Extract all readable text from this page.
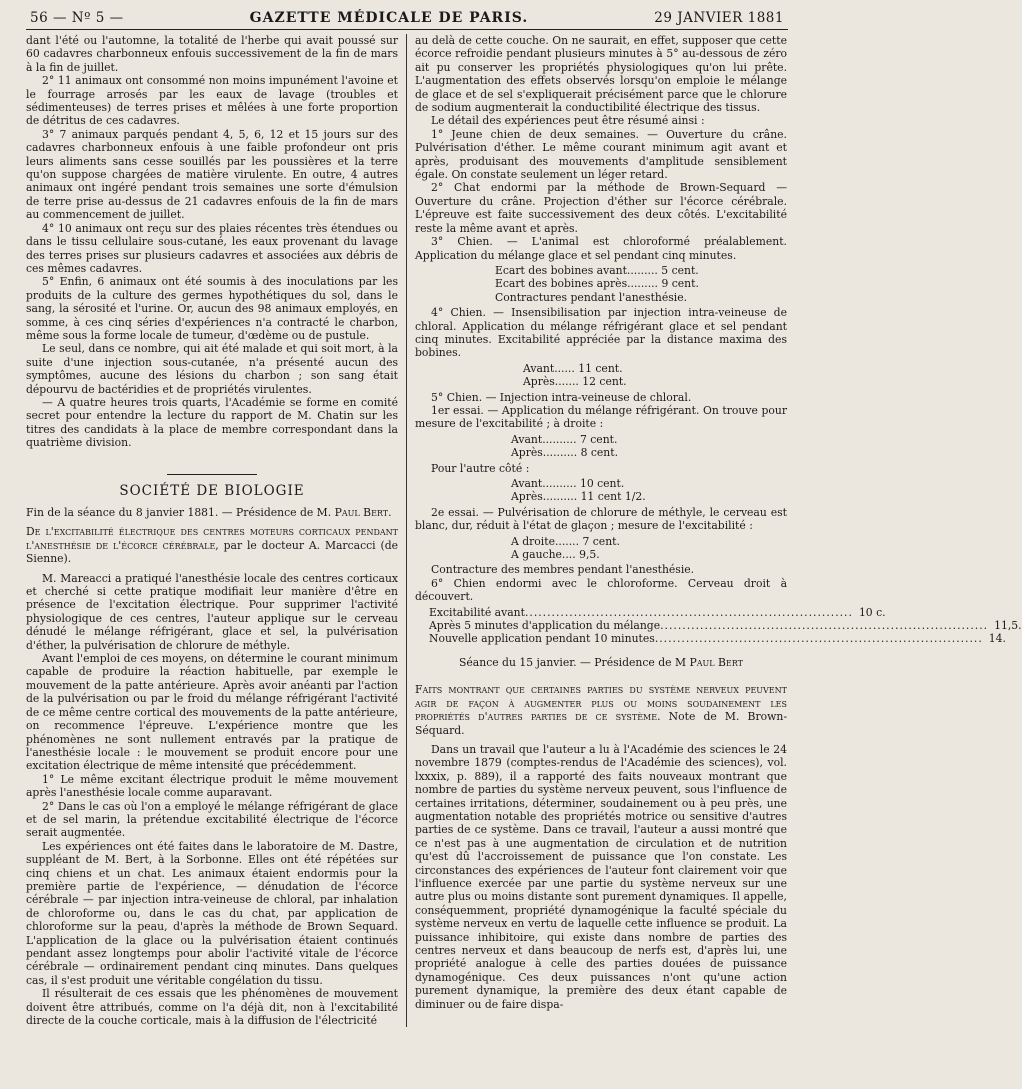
56 — Nº 5 —	GAZETTE MÉDICALE DE PARIS.	29 JANVIER 1881

dant l'été ou l'automne, la totalité de l'herbe qui avait poussé sur 60 cadavres charbonneux enfouis successivement de la fin de mars à la fin de juillet.

2° 11 animaux ont consommé non moins impunément l'avoine et le fourrage arrosés par les eaux de lavage (troubles et sédimenteuses) de terres prises et mêlées à une forte proportion de détritus de ces cadavres.

3° 7 animaux parqués pendant 4, 5, 6, 12 et 15 jours sur des cadavres charbonneux enfouis à une faible profondeur ont pris leurs aliments sans cesse souillés par les poussières et la terre qu'on suppose chargées de matière virulente. En outre, 4 autres animaux ont ingéré pendant trois semaines une sorte d'émulsion de terre prise au-dessus de 21 cadavres enfouis de la fin de mars au commencement de juillet.

4° 10 animaux ont reçu sur des plaies récentes très étendues ou dans le tissu cellulaire sous-cutané, les eaux provenant du lavage des terres prises sur plusieurs cadavres et associées aux débris de ces mêmes cadavres.

5° Enfin, 6 animaux ont été soumis à des inoculations par les produits de la culture des germes hypothétiques du sol, dans le sang, la sérosité et l'urine. Or, aucun des 98 animaux employés, en somme, à ces cinq séries d'expériences n'a contracté le charbon, même sous la forme locale de tumeur, d'œdème ou de pustule.

Le seul, dans ce nombre, qui ait été malade et qui soit mort, à la suite d'une injection sous-cutanée, n'a présenté aucun des symptômes, aucune des lésions du charbon ; son sang était dépourvu de bactéridies et de propriétés virulentes.

— A quatre heures trois quarts, l'Académie se forme en comité secret pour entendre la lecture du rapport de M. Chatin sur les titres des candidats à la place de membre correspondant dans la quatrième division.

SOCIÉTÉ DE BIOLOGIE

Fin de la séance du 8 janvier 1881. — Présidence de M. Paul Bert.

De l'excitabilité électrique des centres moteurs corticaux pendant l'anesthésie de l'écorce cérébrale, par le docteur A. Marcacci (de Sienne).

M. Mareacci a pratiqué l'anesthésie locale des centres corticaux et cherché si cette pratique modifiait leur manière d'être en présence de l'excitation électrique. Pour supprimer l'activité physiologique de ces centres, l'auteur applique sur le cerveau dénudé le mélange réfrigérant, glace et sel, la pulvérisation d'éther, la pulvérisation de chlorure de méthyle.

Avant l'emploi de ces moyens, on détermine le courant minimum capable de produire la réaction habituelle, par exemple le mouvement de la patte antérieure. Après avoir anéanti par l'action de la pulvérisation ou par le froid du mélange réfrigérant l'activité de ce même centre cortical des mouvements de la patte antérieure, on recommence l'épreuve. L'expérience montre que les phénomènes ne sont nullement entravés par la pratique de l'anesthésie locale : le mouvement se produit encore pour une excitation électrique de même intensité que précédemment.

1° Le même excitant électrique produit le même mouvement après l'anesthésie locale comme auparavant.

2° Dans le cas où l'on a employé le mélange réfrigérant de glace et de sel marin, la prétendue excitabilité électrique de l'écorce serait augmentée.

Les expériences ont été faites dans le laboratoire de M. Dastre, suppléant de M. Bert, à la Sorbonne. Elles ont été répétées sur cinq chiens et un chat. Les animaux étaient endormis pour la première partie de l'expérience, — dénudation de l'écorce cérébrale — par injection intra-veineuse de chloral, par inhalation de chloroforme ou, dans le cas du chat, par application de chloroforme sur la peau, d'après la méthode de Brown Sequard. L'application de la glace ou la pulvérisation étaient continués pendant assez longtemps pour abolir l'activité vitale de l'écorce cérébrale — ordinairement pendant cinq minutes. Dans quelques cas, il s'est produit une véritable congélation du tissu.

Il résulterait de ces essais que les phénomènes de mouvement doivent être attribués, comme on l'a déjà dit, non à l'excitabilité directe de la couche corticale, mais à la diffusion de l'électricité

au delà de cette couche. On ne saurait, en effet, supposer que cette écorce refroidie pendant plusieurs minutes à 5° au-dessous de zéro ait pu conserver les propriétés physiologiques qu'on lui prête. L'augmentation des effets observés lorsqu'on emploie le mélange de glace et de sel s'expliquerait précisément parce que le chlorure de sodium augmenterait la conductibilité électrique des tissus.

Le détail des expériences peut être résumé ainsi :

1° Jeune chien de deux semaines. — Ouverture du crâne. Pulvérisation d'éther. Le même courant minimum agit avant et après, produisant des mouvements d'amplitude sensiblement égale. On constate seulement un léger retard.

2° Chat endormi par la méthode de Brown-Sequard — Ouverture du crâne. Projection d'éther sur l'écorce cérébrale. L'épreuve est faite successivement des deux côtés. L'excitabilité reste la même avant et après.

3° Chien. — L'animal est chloroformé préalablement. Application du mélange glace et sel pendant cinq minutes.

Ecart des bobines avant.........
5 cent.
Ecart des bobines après.........
9 cent.
Contractures pendant l'anesthésie.

4° Chien. — Insensibilisation par injection intra-veineuse de chloral. Application du mélange réfrigérant glace et sel pendant cinq minutes. Excitabilité appréciée par la distance maxima des bobines.

Avant......
11 cent.
Après.......
12 cent.

5° Chien. — Injection intra-veineuse de chloral.

1er essai. — Application du mélange réfrigérant. On trouve pour mesure de l'excitabilité ; à droite :

Avant..........
7 cent.
Après..........
8 cent.

Pour l'autre côté :

Avant..........
10 cent.
Après..........
11 cent 1/2.

2e essai. — Pulvérisation de chlorure de méthyle, le cerveau est blanc, dur, réduit à l'état de glaçon ; mesure de l'excitabilité :

A droite.......
7 cent.
A gauche....
9,5.

Contracture des membres pendant l'anesthésie.

6° Chien endormi avec le chloroforme. Cerveau droit à découvert.

Excitabilité avant .......................................................................... 10 c.
Après 5 minutes d'application du mélange .......................................................................... 11,5.
Nouvelle application pendant 10 minutes .......................................................................... 14.

Séance du 15 janvier. — Présidence de M Paul Bert

Faits montrant que certaines parties du système nerveux peuvent agir de façon à augmenter plus ou moins soudainement les propriétés d'autres parties de ce système. Note de M. Brown-Séquard.

Dans un travail que l'auteur a lu à l'Académie des sciences le 24 novembre 1879 (comptes-rendus de l'Académie des sciences), vol. lxxxix, p. 889), il a rapporté des faits nouveaux montrant que nombre de parties du système nerveux peuvent, sous l'influence de certaines irritations, déterminer, soudainement ou à peu près, une augmentation notable des propriétés motrice ou sensitive d'autres parties de ce système. Dans ce travail, l'auteur a aussi montré que ce n'est pas à une augmentation de circulation et de nutrition qu'est dû l'accroissement de puissance que l'on constate. Les circonstances des expériences de l'auteur font clairement voir que l'influence exercée par une partie du système nerveux sur une autre plus ou moins distante sont purement dynamiques. Il appelle, conséquemment, propriété dynamogénique la faculté spéciale du système nerveux en vertu de laquelle cette influence se produit. La puissance inhibitoire, qui existe dans nombre de parties des centres nerveux et dans beaucoup de nerfs est, d'après lui, une propriété analogue à celle des parties douées de puissance dynamogénique. Ces deux puissances n'ont qu'une action purement dynamique, la première des deux étant capable de diminuer ou de faire dispa-
